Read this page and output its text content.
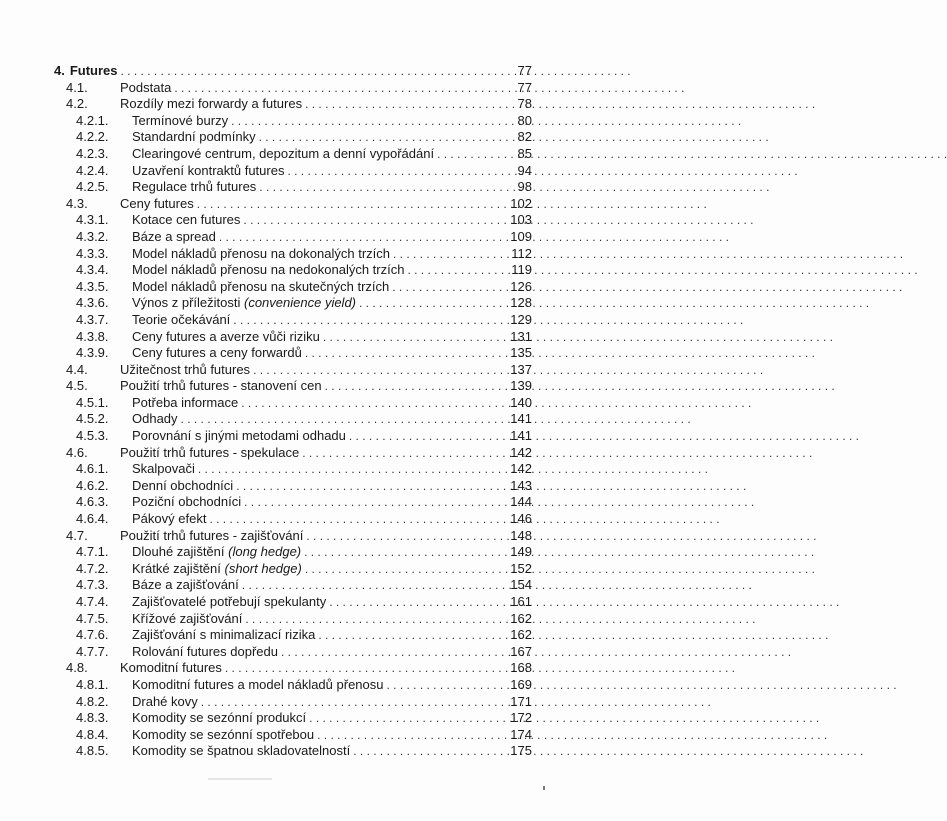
4. Futures . . .	77
4.1.	Podstata . . .	77
4.2.	Rozdíly mezi forwardy a futures . . .	78
4.2.1.	Termínové burzy . . .	80
4.2.2.	Standardní podmínky . . .	82
4.2.3.	Clearingové centrum, depozitum a denní vypořádání . . .	85
4.2.4.	Uzavření kontraktů futures . . .	94
4.2.5.	Regulace trhů futures . . .	98
4.3.	Ceny futures . . .	102
4.3.1.	Kotace cen futures . . .	103
4.3.2.	Báze a spread . . .	109
4.3.3.	Model nákladů přenosu na dokonalých trzích . . .	112
4.3.4.	Model nákladů přenosu na nedokonalých trzích . . .	119
4.3.5.	Model nákladů přenosu na skutečných trzích . . .	126
4.3.6.	Výnos z příležitosti (convenience yield) . . .	128
4.3.7.	Teorie očekávání . . .	129
4.3.8.	Ceny futures a averze vůči riziku . . .	131
4.3.9.	Ceny futures a ceny forwardů . . .	135
4.4.	Užitečnost trhů futures . . .	137
4.5.	Použití trhů futures - stanovení cen . . .	139
4.5.1.	Potřeba informace . . .	140
4.5.2.	Odhady . . .	141
4.5.3.	Porovnání s jinými metodami odhadu . . .	141
4.6.	Použití trhů futures - spekulace . . .	142
4.6.1.	Skalpovači . . .	142
4.6.2.	Denní obchodníci . . .	143
4.6.3.	Poziční obchodníci . . .	144
4.6.4.	Pákový efekt . . .	146
4.7.	Použití trhů futures - zajišťování . . .	148
4.7.1.	Dlouhé zajištění (long hedge) . . .	149
4.7.2.	Krátké zajištění (short hedge) . . .	152
4.7.3.	Báze a zajišťování . . .	154
4.7.4.	Zajišťovatelé potřebují spekulanty . . .	161
4.7.5.	Křížové zajišťování . . .	162
4.7.6.	Zajišťování s minimalizací rizika . . .	162
4.7.7.	Rolování futures dopředu . . .	167
4.8.	Komoditní futures . . .	168
4.8.1.	Komoditní futures a model nákladů přenosu . . .	169
4.8.2.	Drahé kovy . . .	171
4.8.3.	Komodity se sezónní produkcí . . .	172
4.8.4.	Komodity se sezónní spotřebou . . .	174
4.8.5.	Komodity se špatnou skladovatelností . . .	175
